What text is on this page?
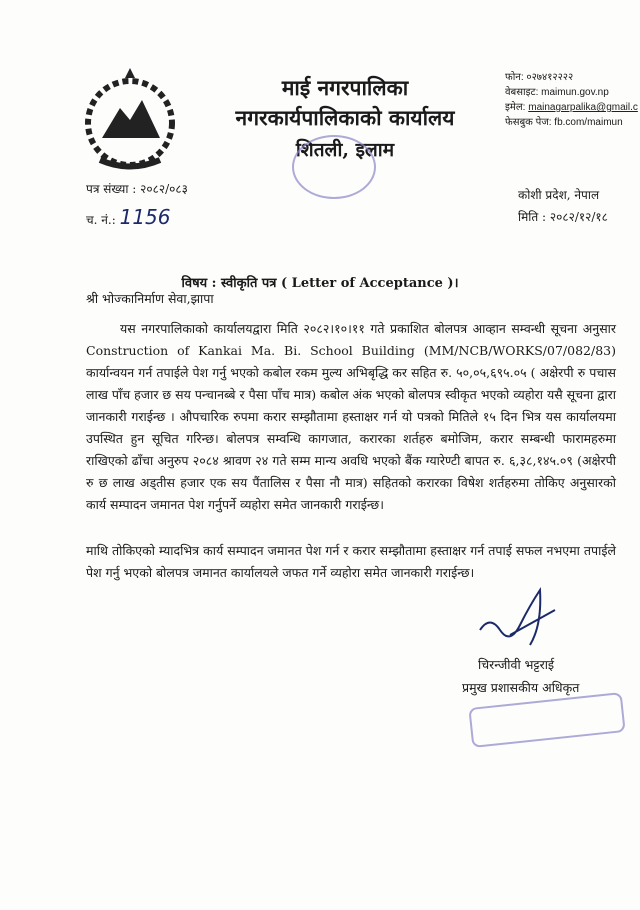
माई नगरपालिका
नगरकार्यपालिकाको कार्यालय
शितली, इलाम
फोन: ०२७४१२२२२
वेबसाइट: maimun.gov.np
इमेल: mainagarpalika@gmail.c
फेसबुक पेज: fb.com/maimun
पत्र संख्या : २०८२/०८३
च. नं.: 1156
कोशी प्रदेश, नेपाल
मिति : २०८२/१२/१८
विषय : स्वीकृति पत्र ( Letter of Acceptance )।
श्री भोज्कानिर्माण सेवा,झापा
यस नगरपालिकाको कार्यालयद्वारा मिति २०८२।१०।११ गते प्रकाशित बोलपत्र आव्हान सम्वन्धी सूचना अनुसार Construction of Kankai Ma. Bi. School Building (MM/NCB/WORKS/07/082/83) कार्यान्वयन गर्न तपाईले पेश गर्नु भएको कबोल रकम मुल्य अभिबृद्धि कर सहित रु. ५०,०५,६९५.०५ ( अक्षेरपी रु पचास लाख पाँच हजार छ सय पन्चानब्बे र पैसा पाँच मात्र) कबोल अंक भएको बोलपत्र स्वीकृत भएको व्यहोरा यसै सूचना द्वारा जानकारी गराईन्छ । औपचारिक रुपमा करार सम्झौतामा हस्ताक्षर गर्न यो पत्रको मितिले १५ दिन भित्र यस कार्यालयमा उपस्थित हुन सूचित गरिन्छ। बोलपत्र सम्वन्धि कागजात, करारका शर्तहरु बमोजिम, करार सम्बन्धी फारामहरुमा राखिएको ढाँचा अनुरुप २०८४ श्रावण २४ गते सम्म मान्य अवधि भएको बैंक ग्यारेण्टी बापत रु. ६,३८,१४५.०९ (अक्षेरपी रु छ लाख अड्तीस हजार एक सय पैंतालिस र पैसा नौ मात्र) सहितको करारका विषेश शर्तहरुमा तोकिए अनुसारको कार्य सम्पादन जमानत पेश गर्नुपर्ने व्यहोरा समेत जानकारी गराईन्छ।
माथि तोकिएको म्यादभित्र कार्य सम्पादन जमानत पेश गर्न र करार सम्झौतामा हस्ताक्षर गर्न तपाई सफल नभएमा तपाईले पेश गर्नु भएको बोलपत्र जमानत कार्यालयले जफत गर्ने व्यहोरा समेत जानकारी गराईन्छ।
चिरन्जीवी भट्टराई
प्रमुख प्रशासकीय अधिकृत
